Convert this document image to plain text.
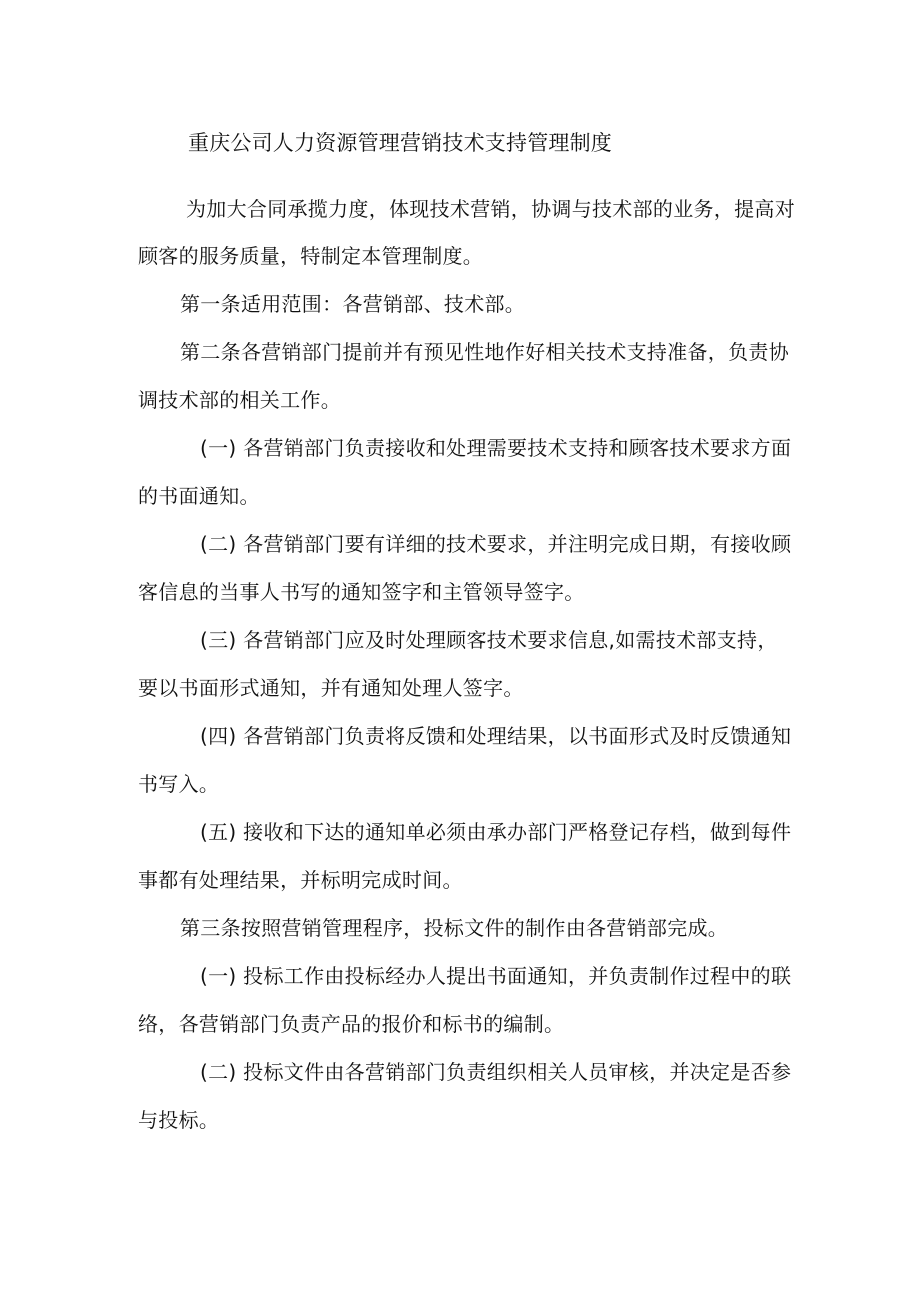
重庆公司人力资源管理营销技术支持管理制度
为加大合同承揽力度，体现技术营销，协调与技术部的业务，提高对
顾客的服务质量，特制定本管理制度。
第一条适用范围：各营销部、技术部。
第二条各营销部门提前并有预见性地作好相关技术支持准备，负责协
调技术部的相关工作。
(一) 各营销部门负责接收和处理需要技术支持和顾客技术要求方面
的书面通知。
(二) 各营销部门要有详细的技术要求，并注明完成日期，有接收顾
客信息的当事人书写的通知签字和主管领导签字。
(三) 各营销部门应及时处理顾客技术要求信息,如需技术部支持，
要以书面形式通知，并有通知处理人签字。
(四) 各营销部门负责将反馈和处理结果，以书面形式及时反馈通知
书写入。
(五) 接收和下达的通知单必须由承办部门严格登记存档，做到每件
事都有处理结果，并标明完成时间。
第三条按照营销管理程序，投标文件的制作由各营销部完成。
(一) 投标工作由投标经办人提出书面通知，并负责制作过程中的联
络，各营销部门负责产品的报价和标书的编制。
(二) 投标文件由各营销部门负责组织相关人员审核，并决定是否参
与投标。
